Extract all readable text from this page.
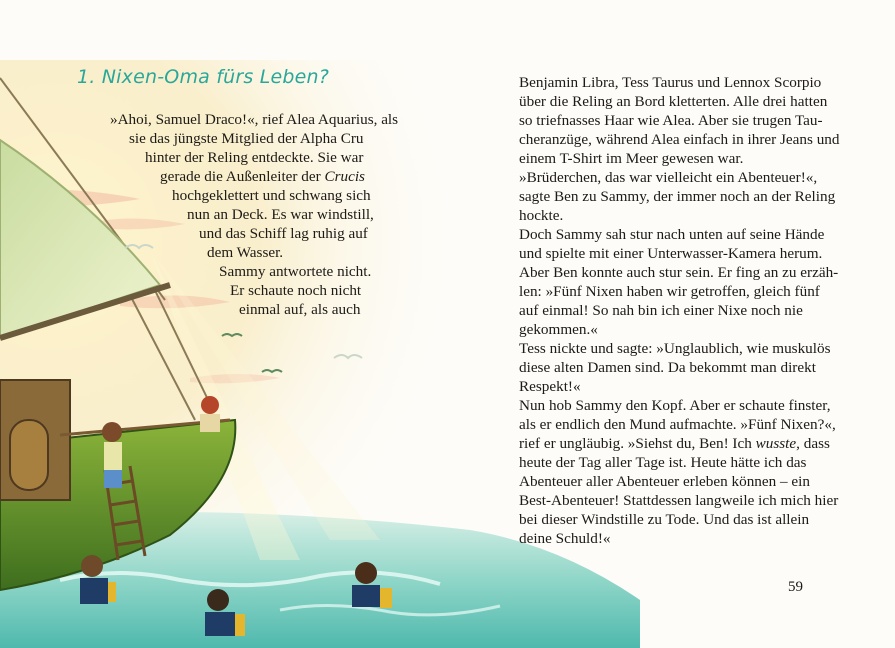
1. Nixen-Oma fürs Leben?
»Ahoi, Samuel Draco!«, rief Alea Aquarius, als
sie das jüngste Mitglied der Alpha Cru
hinter der Reling entdeckte. Sie war
gerade die Außenleiter der Crucis
hochgeklettert und schwang sich
nun an Deck. Es war windstill,
und das Schiff lag ruhig auf
dem Wasser.
Sammy antwortete nicht.
Er schaute noch nicht
einmal auf, als auch
Benjamin Libra, Tess Taurus und Lennox Scorpio
über die Reling an Bord kletterten. Alle drei hatten
so triefnasses Haar wie Alea. Aber sie trugen Tau-
cheranzüge, während Alea einfach in ihrer Jeans und
einem T-Shirt im Meer gewesen war.
»Brüderchen, das war vielleicht ein Abenteuer!«,
sagte Ben zu Sammy, der immer noch an der Reling
hockte.
Doch Sammy sah stur nach unten auf seine Hände
und spielte mit einer Unterwasser-Kamera herum.
Aber Ben konnte auch stur sein. Er fing an zu erzäh-
len: »Fünf Nixen haben wir getroffen, gleich fünf
auf einmal! So nah bin ich einer Nixe noch nie
gekommen.«
Tess nickte und sagte: »Unglaublich, wie muskulös
diese alten Damen sind. Da bekommt man direkt
Respekt!«
Nun hob Sammy den Kopf. Aber er schaute finster,
als er endlich den Mund aufmachte. »Fünf Nixen?«,
rief er ungläubig. »Siehst du, Ben! Ich wusste, dass
heute der Tag aller Tage ist. Heute hätte ich das
Abenteuer aller Abenteuer erleben können – ein
Best-Abenteuer! Stattdessen langweile ich mich hier
bei dieser Windstille zu Tode. Und das ist allein
deine Schuld!«
59
